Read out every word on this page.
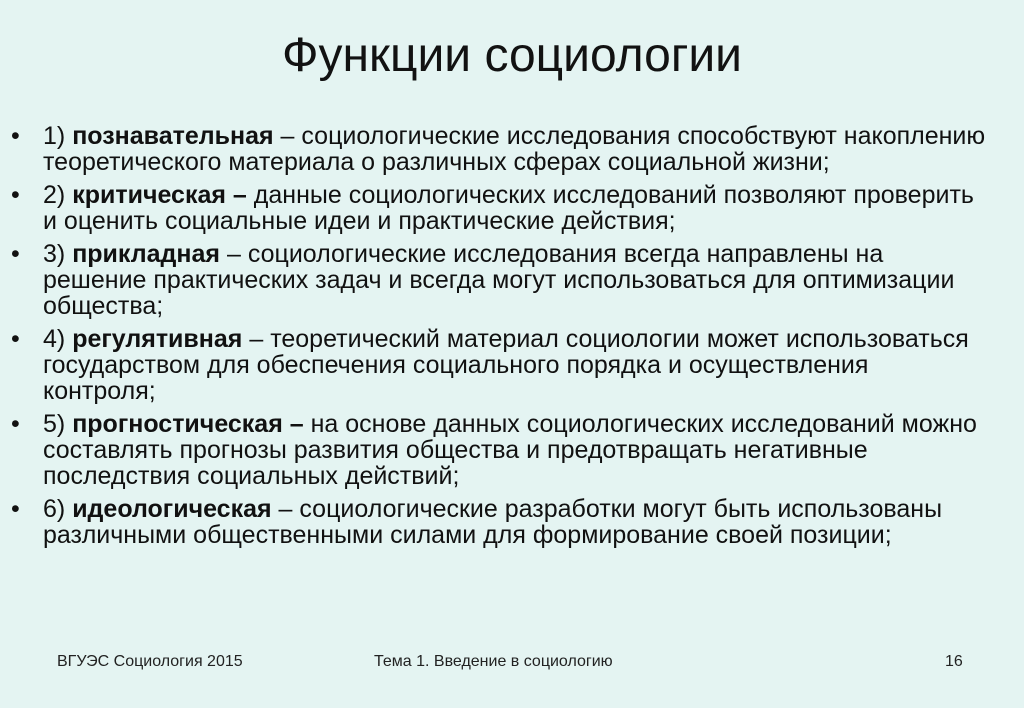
Функции социологии
• 1) познавательная – социологические исследования способствуют накоплению теоретического материала о различных сферах социальной жизни;
• 2) критическая – данные социологических исследований позволяют проверить и оценить социальные идеи и практические действия;
• 3) прикладная – социологические исследования всегда направлены на решение практических задач и всегда могут использоваться для оптимизации общества;
• 4) регулятивная – теоретический материал социологии может использоваться государством для обеспечения социального порядка и осуществления контроля;
• 5) прогностическая – на основе данных социологических исследований можно составлять прогнозы развития общества и предотвращать негативные последствия социальных действий;
• 6) идеологическая – социологические разработки могут быть использованы различными общественными силами для формирование своей позиции;
ВГУЭС Социология 2015	Тема 1. Введение в социологию	16
